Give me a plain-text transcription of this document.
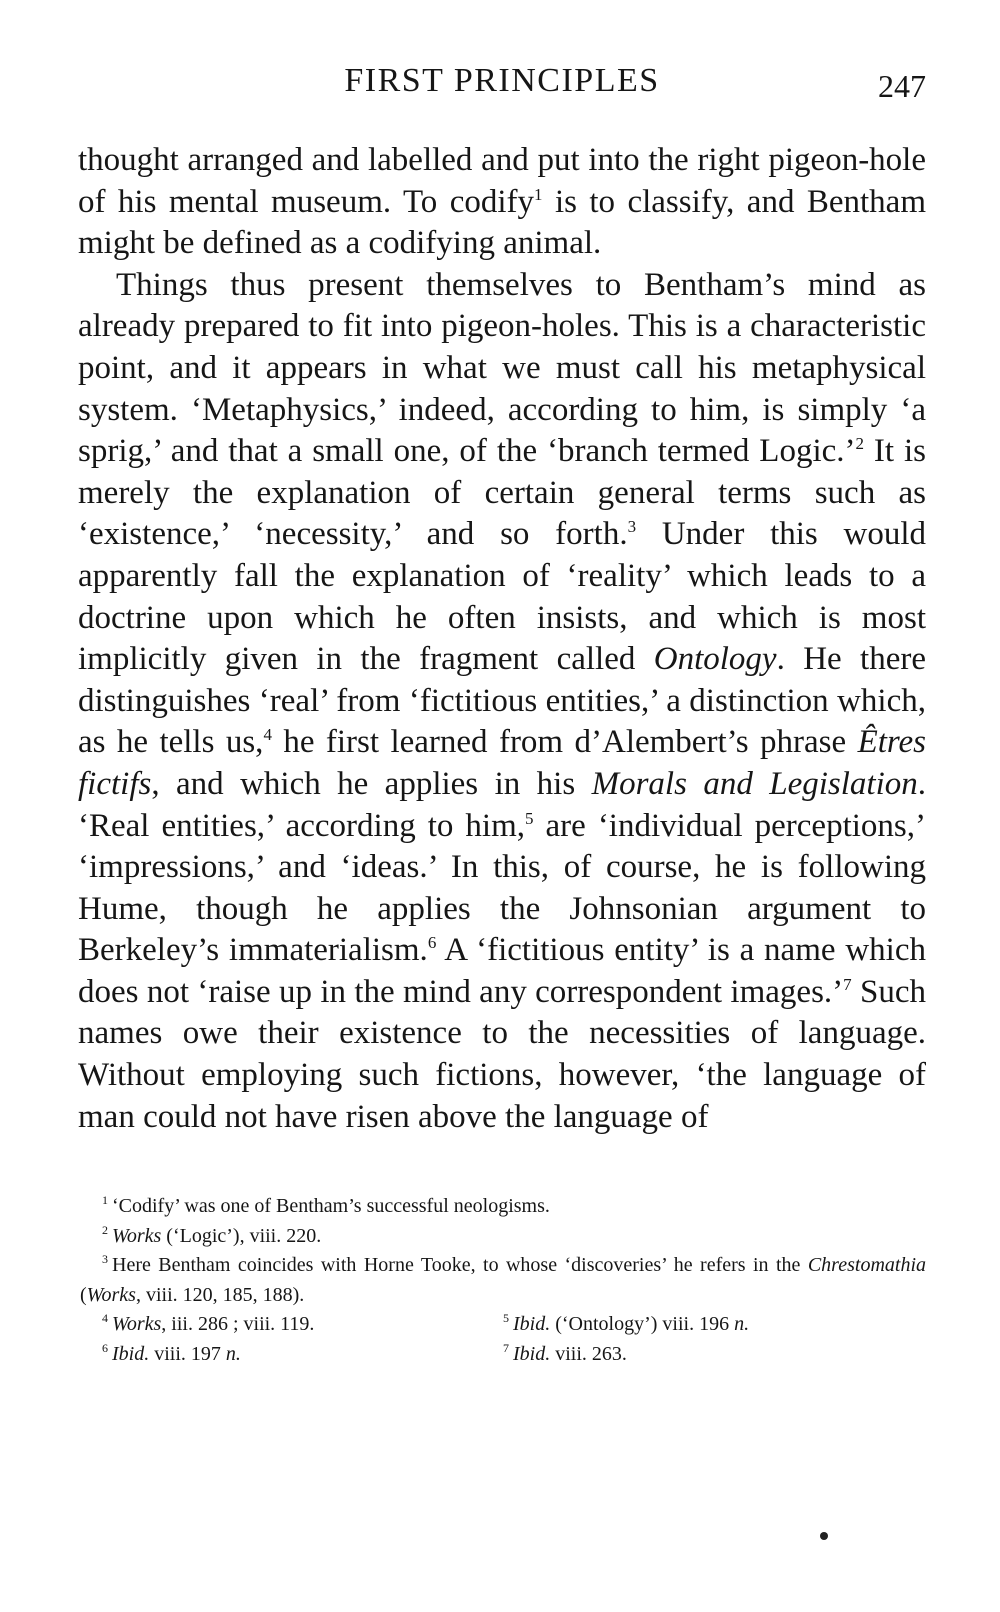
FIRST PRINCIPLES	247

thought arranged and labelled and put into the right pigeon-hole of his mental museum. To codify$^1$ is to classify, and Bentham might be defined as a codifying animal.

Things thus present themselves to Bentham’s mind as already prepared to fit into pigeon-holes. This is a characteristic point, and it appears in what we must call his metaphysical system. ‘Metaphysics,’ indeed, according to him, is simply ‘a sprig,’ and that a small one, of the ‘branch termed Logic.’$^2$ It is merely the explanation of certain general terms such as ‘existence,’ ‘necessity,’ and so forth.$^3$ Under this would apparently fall the explanation of ‘reality’ which leads to a doctrine upon which he often insists, and which is most implicitly given in the fragment called Ontology. He there distinguishes ‘real’ from ‘fictitious entities,’ a distinction which, as he tells us,$^4$ he first learned from d’Alembert’s phrase Êtres fictifs, and which he applies in his Morals and Legislation. ‘Real entities,’ according to him,$^5$ are ‘individual perceptions,’ ‘impressions,’ and ‘ideas.’ In this, of course, he is following Hume, though he applies the Johnsonian argument to Berkeley’s immaterialism.$^6$ A ‘fictitious entity’ is a name which does not ‘raise up in the mind any correspondent images.’$^7$ Such names owe their existence to the necessities of language. Without employing such fictions, however, ‘the language of man could not have risen above the language of

$^1$ ‘Codify’ was one of Bentham’s successful neologisms.

$^2$ Works (‘Logic’), viii. 220.

$^3$ Here Bentham coincides with Horne Tooke, to whose ‘discoveries’ he refers in the Chrestomathia (Works, viii. 120, 185, 188).

$^4$ Works, iii. 286 ; viii. 119.	$^5$ Ibid. (‘Ontology’) viii. 196 n.

$^6$ Ibid. viii. 197 n.	$^7$ Ibid. viii. 263.
